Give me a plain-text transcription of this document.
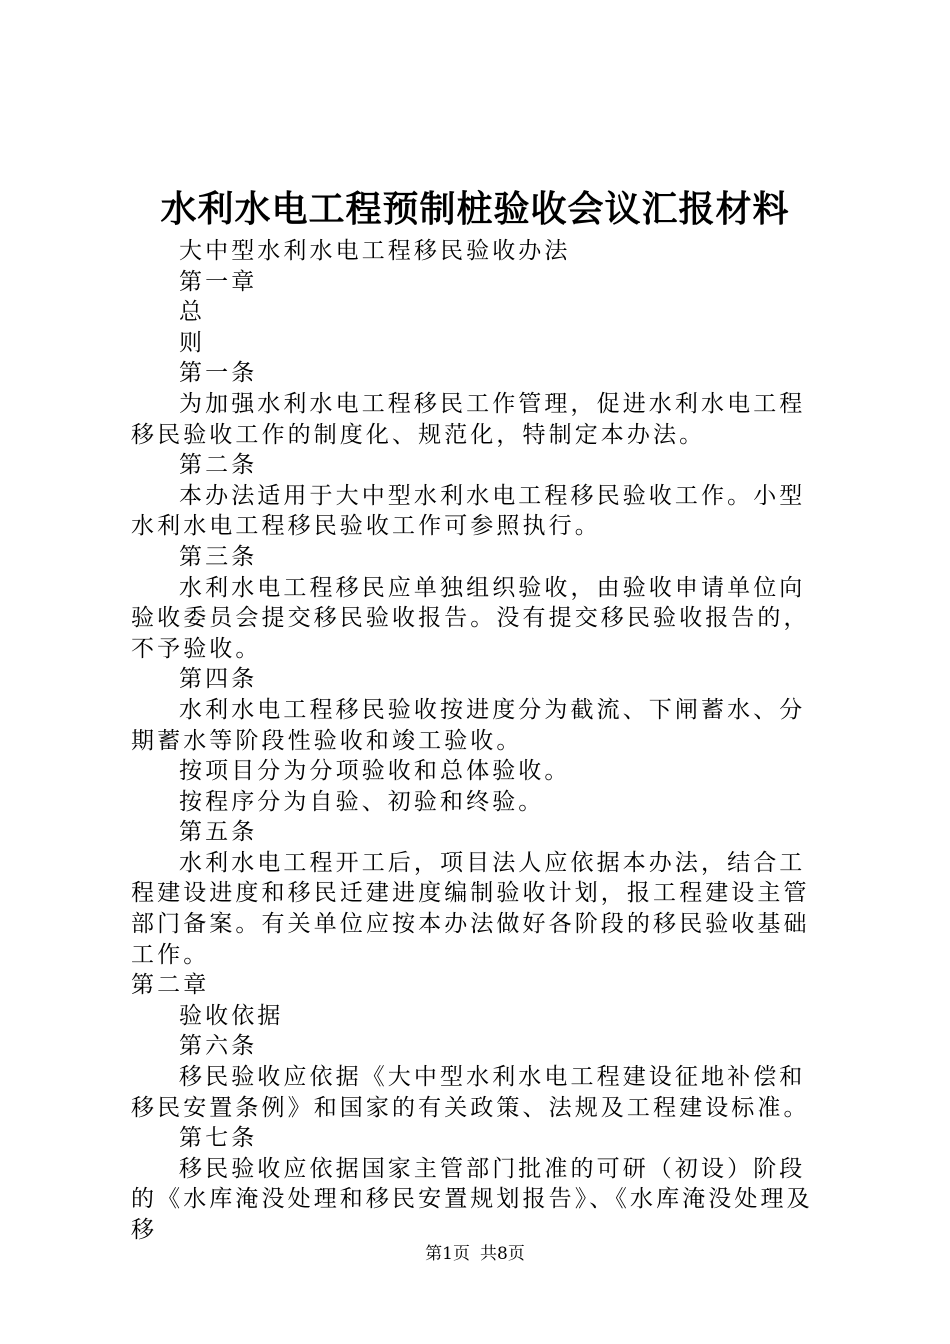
水利水电工程预制桩验收会议汇报材料

大中型水利水电工程移民验收办法

第一章

总

则

第一条

为加强水利水电工程移民工作管理，促进水利水电工程移民验收工作的制度化、规范化，特制定本办法。

第二条

本办法适用于大中型水利水电工程移民验收工作。小型水利水电工程移民验收工作可参照执行。

第三条

水利水电工程移民应单独组织验收，由验收申请单位向验收委员会提交移民验收报告。没有提交移民验收报告的，不予验收。

第四条

水利水电工程移民验收按进度分为截流、下闸蓄水、分期蓄水等阶段性验收和竣工验收。

按项目分为分项验收和总体验收。

按程序分为自验、初验和终验。

第五条

水利水电工程开工后，项目法人应依据本办法，结合工程建设进度和移民迁建进度编制验收计划，报工程建设主管部门备案。有关单位应按本办法做好各阶段的移民验收基础工作。

第二章

验收依据

第六条

移民验收应依据《大中型水利水电工程建设征地补偿和移民安置条例》和国家的有关政策、法规及工程建设标准。

第七条

移民验收应依据国家主管部门批准的可研（初设）阶段的《水库淹没处理和移民安置规划报告》、《水库淹没处理及移

第1页 共8页
